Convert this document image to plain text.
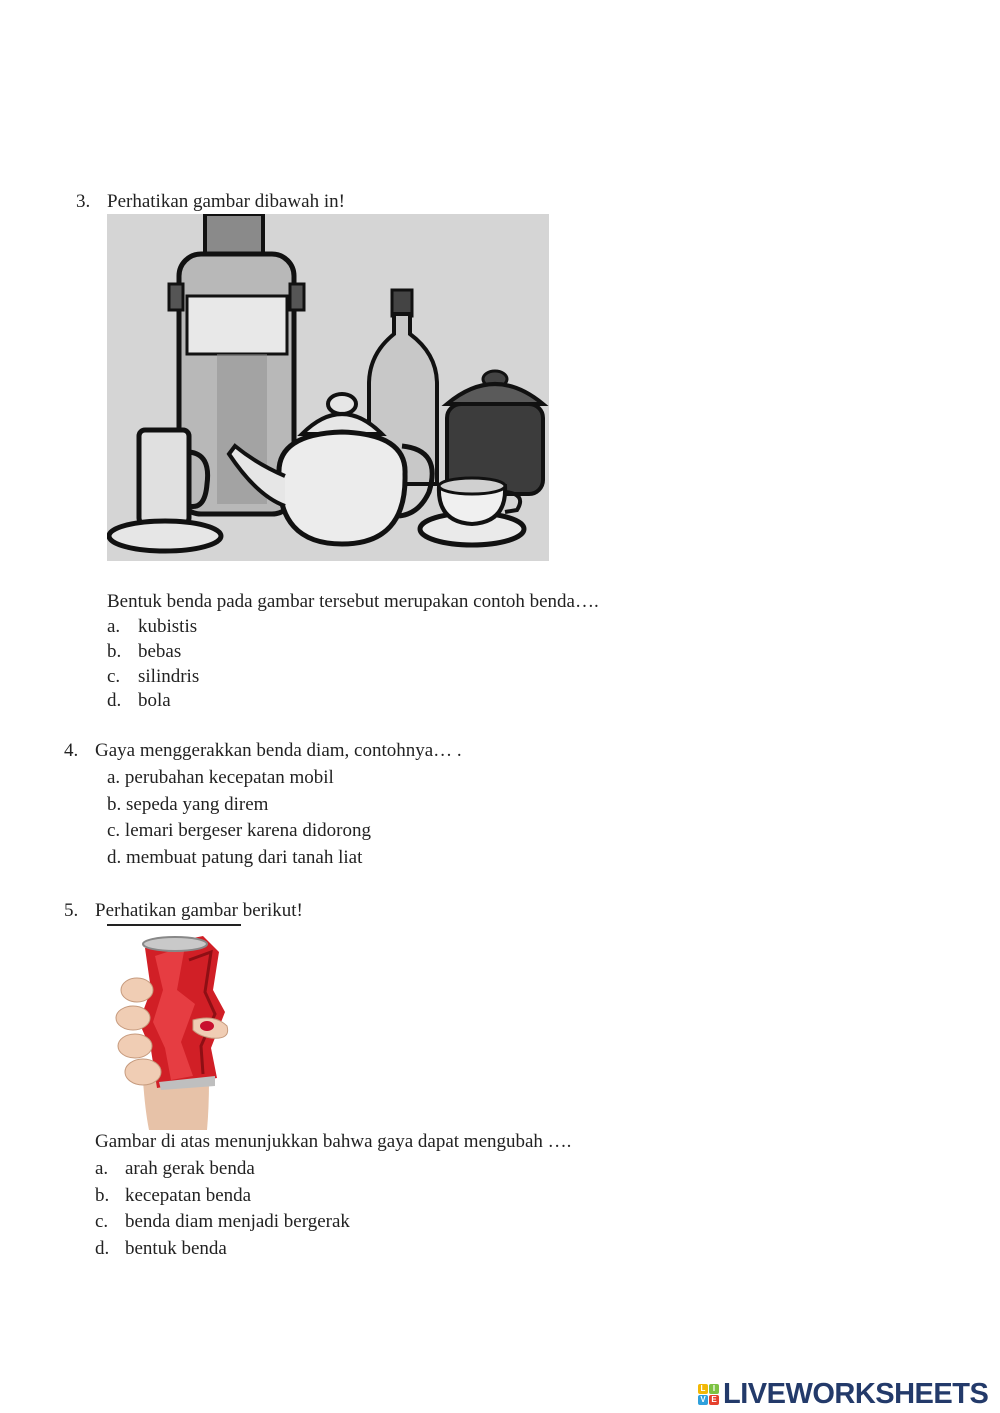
3. Perhatikan gambar dibawah in!
Bentuk benda pada gambar tersebut merupakan contoh benda….
a. kubistis
b. bebas
c. silindris
d. bola
4. Gaya menggerakkan benda diam, contohnya… .
a. perubahan kecepatan mobil
b. sepeda yang direm
c. lemari bergeser karena didorong
d. membuat patung dari tanah liat
5. Perhatikan gambar berikut!
Gambar di atas menunjukkan bahwa gaya dapat mengubah ….
a. arah gerak benda
b. kecepatan benda
c. benda diam menjadi bergerak
d. bentuk benda
L I
V E LIVEWORKSHEETS
